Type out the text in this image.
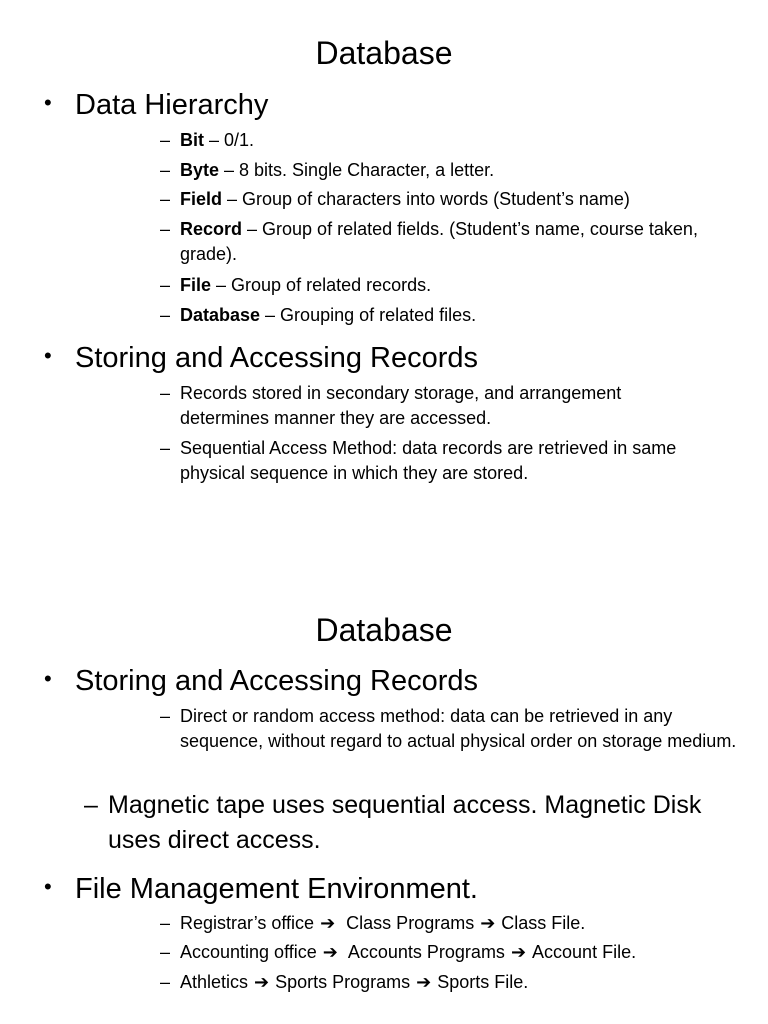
Database
• Data Hierarchy
– Bit – 0/1.
– Byte – 8 bits. Single Character, a letter.
– Field – Group of characters into words (Student’s name)
– Record – Group of related fields. (Student’s name, course taken, grade).
– File – Group of related records.
– Database – Grouping of related files.
• Storing and Accessing Records
– Records stored in secondary storage, and arrangement determines manner they are accessed.
– Sequential Access Method: data records are retrieved in same physical sequence in which they are stored.
Database
• Storing and Accessing Records
– Direct or random access method: data can be retrieved in any sequence, without regard to actual physical order on storage medium.
– Magnetic tape uses sequential access. Magnetic Disk uses direct access.
• File Management Environment.
– Registrar’s office ➔ Class Programs ➔ Class File.
– Accounting office ➔ Accounts Programs ➔ Account File.
– Athletics ➔ Sports Programs ➔ Sports File.
